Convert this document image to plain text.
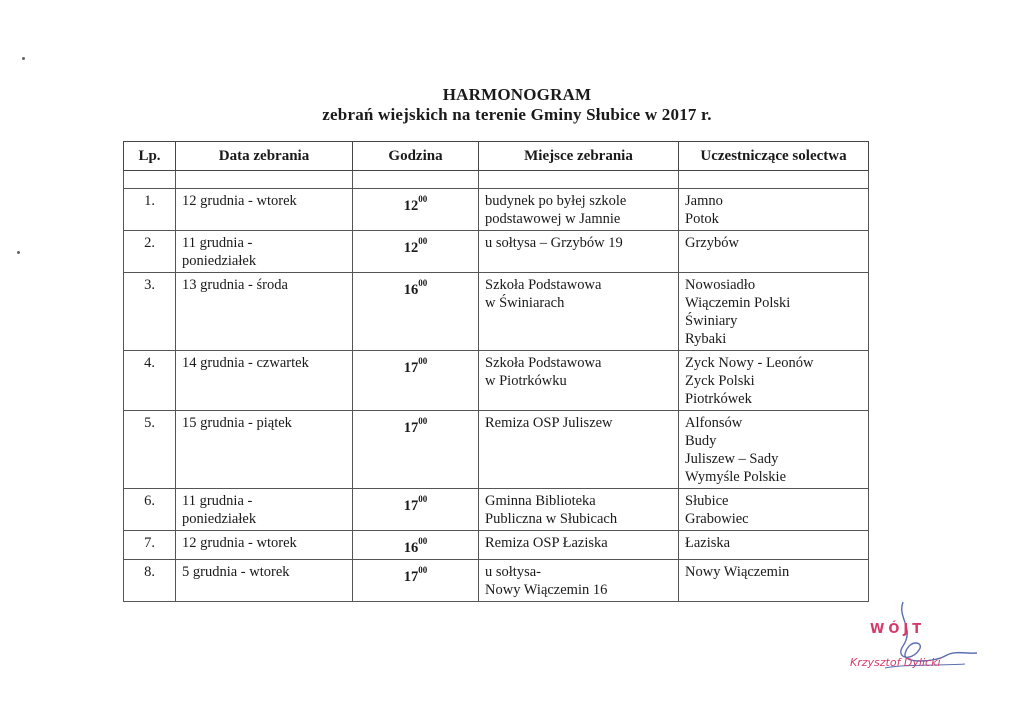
HARMONOGRAM
zebrań wiejskich na terenie Gminy Słubice w 2017 r.
Lp.	Data zebrania	Godzina	Miejsce zebrania	Uczestniczące solectwa

1.	12 grudnia - wtorek	$12^{00}$	budynek po byłej szkole
podstawowej w Jamnie	Jamno
Potok

2.	11 grudnia -
poniedziałek	$12^{00}$	u sołtysa – Grzybów 19	Grzybów

3.	13 grudnia - środa	$16^{00}$	Szkoła Podstawowa
w Świniarach	Nowosiadło
Wiączemin Polski
Świniary
Rybaki

4.	14 grudnia - czwartek	$17^{00}$	Szkoła Podstawowa
w Piotrkówku	Zyck Nowy - Leonów
Zyck Polski
Piotrkówek

5.	15 grudnia - piątek	$17^{00}$	Remiza OSP Juliszew	Alfonsów
Budy
Juliszew – Sady
Wymyśle Polskie

6.	11 grudnia -
poniedziałek	$17^{00}$	Gminna Biblioteka
Publiczna w Słubicach	Słubice
Grabowiec

7.	12 grudnia - wtorek	$16^{00}$	Remiza OSP Łaziska	Łaziska

8.	5 grudnia - wtorek	$17^{00}$	u sołtysa-
Nowy Wiączemin 16	Nowy Wiączemin
WÓJT
Krzysztof Dylicki
